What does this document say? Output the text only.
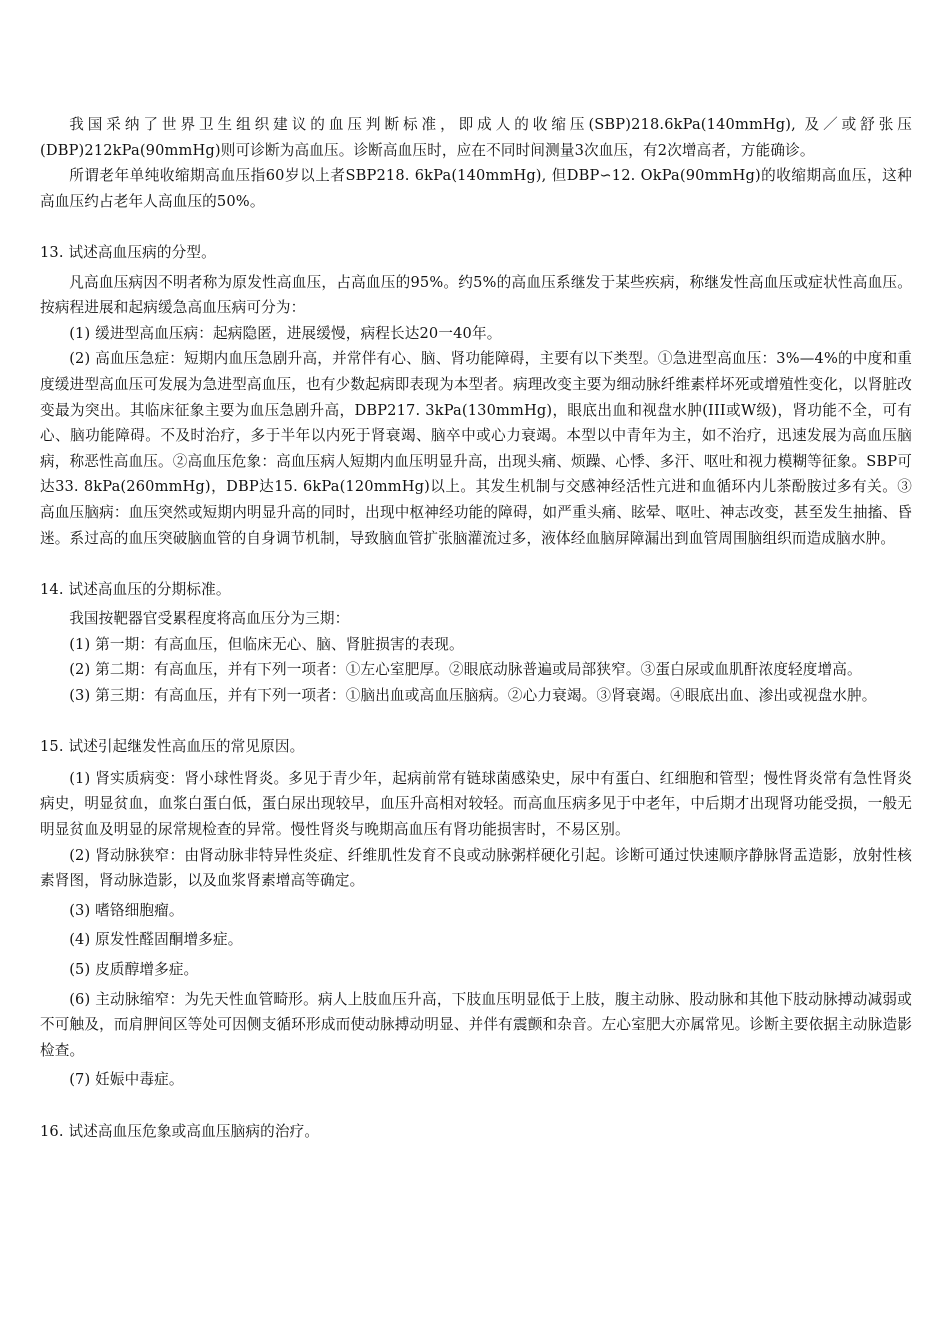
我国采纳了世界卫生组织建议的血压判断标准，即成人的收缩压(SBP)218.6kPa(140mmHg), 及／或舒张压(DBP)212kPa(90mmHg)则可诊断为高血压。诊断高血压时，应在不同时间测量3次血压，有2次增高者，方能确诊。

所谓老年单纯收缩期高血压指60岁以上者SBP218. 6kPa(140mmHg), 但DBP∽12. OkPa(90mmHg)的收缩期高血压，这种高血压约占老年人高血压的50%。

13. 试述高血压病的分型。

凡高血压病因不明者称为原发性高血压，占高血压的95%。约5%的高血压系继发于某些疾病，称继发性高血压或症状性高血压。按病程进展和起病缓急高血压病可分为：

(1) 缓进型高血压病：起病隐匿，进展缓慢，病程长达20一40年。

(2) 高血压急症：短期内血压急剧升高，并常伴有心、脑、肾功能障碍，主要有以下类型。①急进型高血压：3%—4%的中度和重度缓进型高血压可发展为急进型高血压，也有少数起病即表现为本型者。病理改变主要为细动脉纤维素样坏死或增殖性变化，以肾脏改变最为突出。其临床征象主要为血压急剧升高，DBP217. 3kPa(130mmHg)，眼底出血和视盘水肿(III或W级)，肾功能不全，可有心、脑功能障碍。不及时治疗，多于半年以内死于肾衰竭、脑卒中或心力衰竭。本型以中青年为主，如不治疗，迅速发展为高血压脑病，称恶性高血压。②高血压危象：高血压病人短期内血压明显升高，出现头痛、烦躁、心悸、多汗、呕吐和视力模糊等征象。SBP可达33. 8kPa(260mmHg)，DBP达15. 6kPa(120mmHg)以上。其发生机制与交感神经活性亢进和血循环内儿茶酚胺过多有关。③高血压脑病：血压突然或短期内明显升高的同时，出现中枢神经功能的障碍，如严重头痛、眩晕、呕吐、神志改变，甚至发生抽搐、昏迷。系过高的血压突破脑血管的自身调节机制，导致脑血管扩张脑灌流过多，液体经血脑屏障漏出到血管周围脑组织而造成脑水肿。

14. 试述高血压的分期标准。

我国按靶器官受累程度将高血压分为三期：

(1) 第一期：有高血压，但临床无心、脑、肾脏损害的表现。

(2) 第二期：有高血压，并有下列一项者：①左心室肥厚。②眼底动脉普遍或局部狭窄。③蛋白尿或血肌酐浓度轻度增高。

(3) 第三期：有高血压，并有下列一项者：①脑出血或高血压脑病。②心力衰竭。③肾衰竭。④眼底出血、渗出或视盘水肿。

15. 试述引起继发性高血压的常见原因。

(1) 肾实质病变：肾小球性肾炎。多见于青少年，起病前常有链球菌感染史，尿中有蛋白、红细胞和管型；慢性肾炎常有急性肾炎病史，明显贫血，血浆白蛋白低，蛋白尿出现较早，血压升高相对较轻。而高血压病多见于中老年，中后期才出现肾功能受损，一般无明显贫血及明显的尿常规检查的异常。慢性肾炎与晚期高血压有肾功能损害时，不易区别。

(2) 肾动脉狭窄：由肾动脉非特异性炎症、纤维肌性发育不良或动脉粥样硬化引起。诊断可通过快速顺序静脉肾盂造影，放射性核素肾图，肾动脉造影，以及血浆肾素增高等确定。

(3) 嗜铬细胞瘤。

(4) 原发性醛固酮增多症。

(5) 皮质醇增多症。

(6) 主动脉缩窄：为先天性血管畸形。病人上肢血压升高，下肢血压明显低于上肢，腹主动脉、股动脉和其他下肢动脉搏动减弱或不可触及，而肩胛间区等处可因侧支循环形成而使动脉搏动明显、并伴有震颤和杂音。左心室肥大亦属常见。诊断主要依据主动脉造影检查。

(7) 妊娠中毒症。

16. 试述高血压危象或高血压脑病的治疗。
